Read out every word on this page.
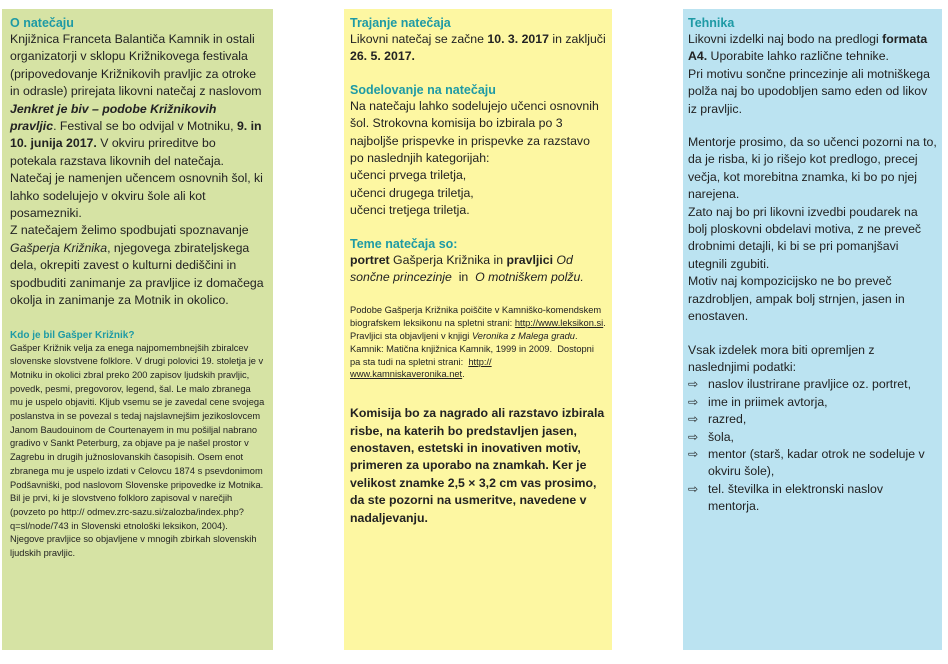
O natečaju

Knjižnica Franceta Balantiča Kamnik in ostali organizatorji v sklopu Križnikovega festivala (pripovedovanje Križnikovih pravljic za otroke in odrasle) prirejata likovni natečaj z naslovom Jenkret je biv – podobe Križnikovih pravljic. Festival se bo odvijal v Motniku, 9. in 10. junija 2017. V okviru prireditve bo potekala razstava likovnih del natečaja. Natečaj je namenjen učencem osnovnih šol, ki lahko sodelujejo v okviru šole ali kot posamezniki.

Z natečajem želimo spodbujati spoznavanje Gašperja Križnika, njegovega zbirateljskega dela, okrepiti zavest o kulturni dediščini in spodbuditi zanimanje za pravljice iz domačega okolja in zanimanje za Motnik in okolico.

Kdo je bil Gašper Križnik?

Gašper Križnik velja za enega najpomembnejših zbiralcev slovenske slovstvene folklore. V drugi polovici 19. stoletja je v Motniku in okolici zbral preko 200 zapisov ljudskih pravljic, povedk, pesmi, pregovorov, legend, šal. Le malo zbranega mu je uspelo objaviti. Kljub vsemu se je zavedal cene svojega poslanstva in se povezal s tedaj najslavnejšim jezikoslovcem Janom Baudouinom de Courtenayem in mu pošiljal nabrano gradivo v Sankt Peterburg, za objave pa je našel prostor v Zagrebu in drugih južnoslovanskih časopisih. Osem enot zbranega mu je uspelo izdati v Celovcu 1874 s psevdonimom Podšavniški, pod naslovom Slovenske pripovedke iz Motnika. Bil je prvi, ki je slovstveno folkloro zapisoval v narečjih (povzeto po http:// odmev.zrc-sazu.si/zalozba/index.php?q=sl/node/743 in Slovenski etnološki leksikon, 2004).

Njegove pravljice so objavljene v mnogih zbirkah slovenskih ljudskih pravljic.

Trajanje natečaja

Likovni natečaj se začne 10. 3. 2017 in zaključi    26. 5. 2017.

Sodelovanje na natečaju

Na natečaju lahko sodelujejo učenci osnovnih šol. Strokovna komisija bo izbirala po 3 najboljše prispevke in prispevke za razstavo po naslednjih kategorijah:

učenci prvega triletja,

učenci drugega triletja,

učenci tretjega triletja.

Teme natečaja so:

portret Gašperja Križnika in pravljici Od sončne princezinje  in  O motniškem polžu.

Podobe Gašperja Križnika poiščite v Kamniško-komendskem biografskem leksikonu na spletni strani: http://www.leksikon.si.
Pravljici sta objavljeni v knjigi Veronika z Malega gradu. Kamnik: Matična knjižnica Kamnik, 1999 in 2009.  Dostopni pa sta tudi na spletni strani:  http:// www.kamniskaveronika.net.

Komisija bo za nagrado ali razstavo izbirala risbe, na katerih bo predstavljen jasen, enostaven, estetski in inovativen motiv, primeren za uporabo na znamkah. Ker je velikost znamke 2,5 × 3,2 cm vas prosimo, da ste pozorni na usmeritve, navedene v nadaljevanju.

Tehnika

Likovni izdelki naj bodo na predlogi formata A4. Uporabite lahko različne tehnike.

Pri motivu sončne princezinje ali motniškega polža naj bo upodobljen samo eden od likov iz pravljic.

Mentorje prosimo, da so učenci pozorni na to, da je risba, ki jo rišejo kot predlogo, precej večja, kot morebitna znamka, ki bo po njej narejena.

Zato naj bo pri likovni izvedbi poudarek na bolj ploskovni obdelavi motiva, z ne preveč drobnimi detajli, ki bi se pri pomanjšavi utegnili zgubiti.

Motiv naj kompozicijsko ne bo preveč razdrobljen, ampak bolj strnjen, jasen in enostaven.

Vsak izdelek mora biti opremljen z naslednjimi podatki:

⇨ naslov ilustrirane pravljice oz. portret,
⇨ ime in priimek avtorja,
⇨ razred,
⇨ šola,
⇨ mentor (starš, kadar otrok ne sodeluje v okviru šole),
⇨ tel. številka in elektronski naslov mentorja.
